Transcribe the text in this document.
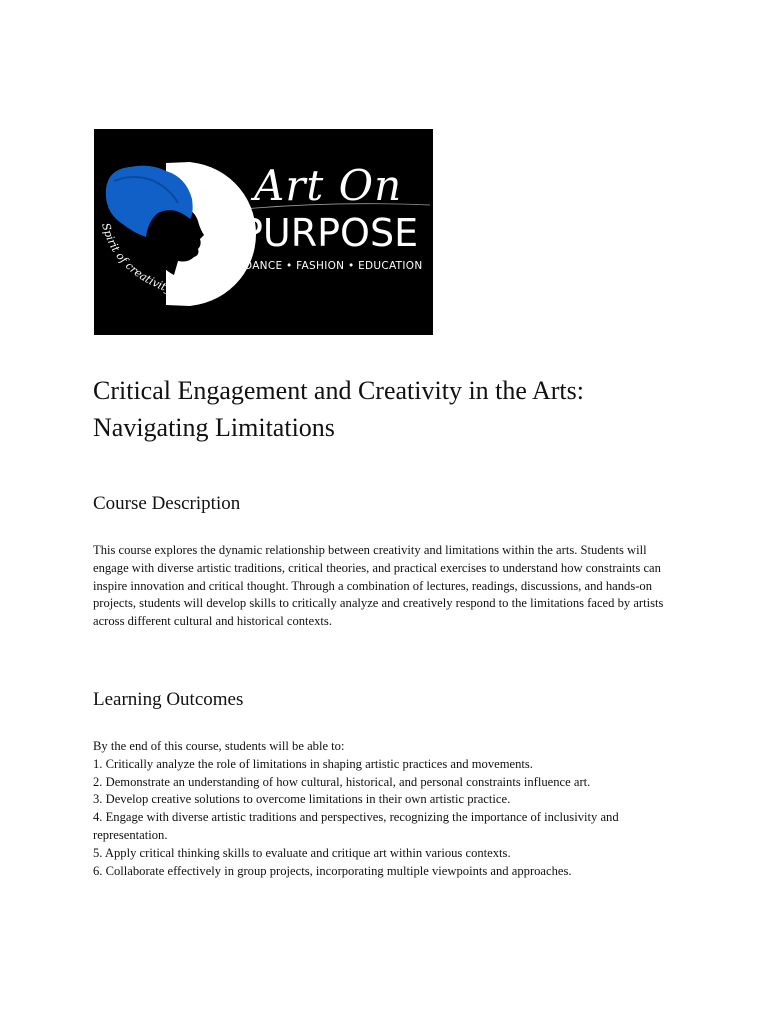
Spirit of creativity
Art On
PURPOSE
DANCE • FASHION • EDUCATION
Critical Engagement and Creativity in the Arts: Navigating Limitations
Course Description

This course explores the dynamic relationship between creativity and limitations within the arts. Students will engage with diverse artistic traditions, critical theories, and practical exercises to understand how constraints can inspire innovation and critical thought. Through a combination of lectures, readings, discussions, and hands-on projects, students will develop skills to critically analyze and creatively respond to the limitations faced by artists across different cultural and historical contexts.

Learning Outcomes
By the end of this course, students will be able to:
1. Critically analyze the role of limitations in shaping artistic practices and movements.
2. Demonstrate an understanding of how cultural, historical, and personal constraints influence art.
3. Develop creative solutions to overcome limitations in their own artistic practice.
4. Engage with diverse artistic traditions and perspectives, recognizing the importance of inclusivity and representation.
5. Apply critical thinking skills to evaluate and critique art within various contexts.
6. Collaborate effectively in group projects, incorporating multiple viewpoints and approaches.
